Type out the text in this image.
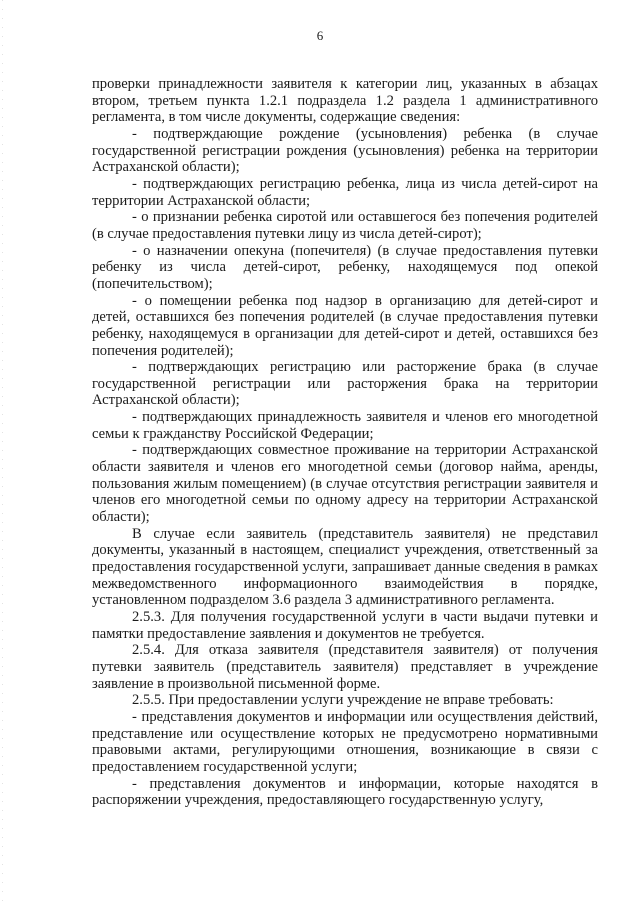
6

проверки принадлежности заявителя к категории лиц, указанных в абзацах втором, третьем пункта 1.2.1 подраздела 1.2 раздела 1 административного регламента, в том числе документы, содержащие сведения:

- подтверждающие рождение (усыновления) ребенка (в случае государственной регистрации рождения (усыновления) ребенка на территории Астраханской области);

- подтверждающих регистрацию ребенка, лица из числа детей-сирот на территории Астраханской области;

- о признании ребенка сиротой или оставшегося без попечения родителей (в случае предоставления путевки лицу из числа детей-сирот);

- о назначении опекуна (попечителя) (в случае предоставления путевки ребенку из числа детей-сирот, ребенку, находящемуся под опекой (попечительством);

- о помещении ребенка под надзор в организацию для детей-сирот и детей, оставшихся без попечения родителей (в случае предоставления путевки ребенку, находящемуся в организации для детей-сирот и детей, оставшихся без попечения родителей);

- подтверждающих регистрацию или расторжение брака (в случае государственной регистрации или расторжения брака на территории Астраханской области);

- подтверждающих принадлежность заявителя и членов его многодетной семьи к гражданству Российской Федерации;

- подтверждающих совместное проживание на территории Астраханской области заявителя и членов его многодетной семьи (договор найма, аренды, пользования жилым помещением) (в случае отсутствия регистрации заявителя и членов его многодетной семьи по одному адресу на территории Астраханской области);

В случае если заявитель (представитель заявителя) не представил документы, указанный в настоящем, специалист учреждения, ответственный за предоставления государственной услуги, запрашивает данные сведения в рамках межведомственного информационного взаимодействия в порядке, установленном подразделом 3.6 раздела 3 административного регламента.

2.5.3. Для получения государственной услуги в части выдачи путевки и памятки предоставление заявления и документов не требуется.

2.5.4. Для отказа заявителя (представителя заявителя) от получения путевки заявитель (представитель заявителя) представляет в учреждение заявление в произвольной письменной форме.

2.5.5. При предоставлении услуги учреждение не вправе требовать:

- представления документов и информации или осуществления действий, представление или осуществление которых не предусмотрено нормативными правовыми актами, регулирующими отношения, возникающие в связи с предоставлением государственной услуги;

- представления документов и информации, которые находятся в распоряжении учреждения, предоставляющего государственную услугу,
